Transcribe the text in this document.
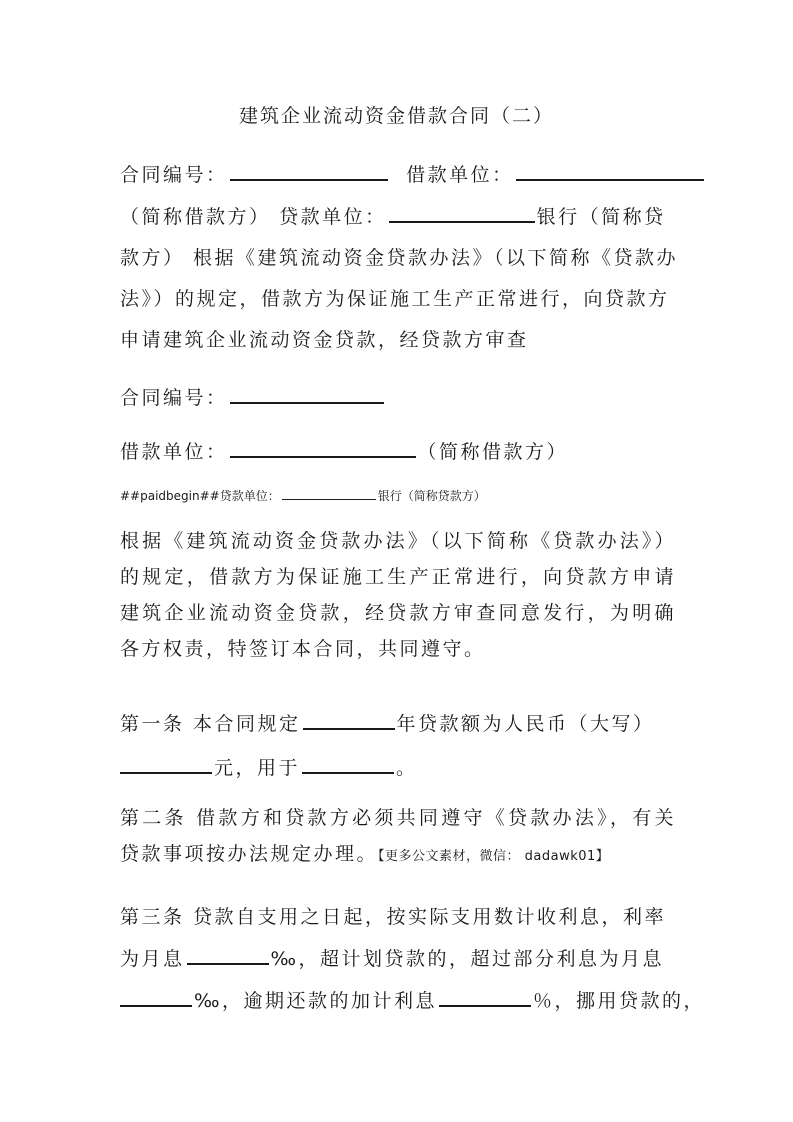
建筑企业流动资金借款合同（二）
合同编号：	借款单位：
（简称借款方） 贷款单位：	银行（简称贷
款方） 根据《建筑流动资金贷款办法》（以下简称《贷款办
法》）的规定，借款方为保证施工生产正常进行，向贷款方
申请建筑企业流动资金贷款，经贷款方审查
合同编号：
借款单位：	（简称借款方）
##paidbegin##贷款单位：	银行（简称贷款方）
根据《建筑流动资金贷款办法》（以下简称《贷款办法》）的规定，借款方为保证施工生产正常进行，向贷款方申请建筑企业流动资金贷款，经贷款方审查同意发行，为明确各方权责，特签订本合同，共同遵守。
第一条 本合同规定	年贷款额为人民币（大写）
元，用于	。
第二条 借款方和贷款方必须共同遵守《贷款办法》，有关贷款事项按办法规定办理。【更多公文素材，微信： dadawk01】
第三条 贷款自支用之日起，按实际支用数计收利息，利率
为月息	‰，超计划贷款的，超过部分利息为月息
‰，逾期还款的加计利息	％，挪用贷款的，
